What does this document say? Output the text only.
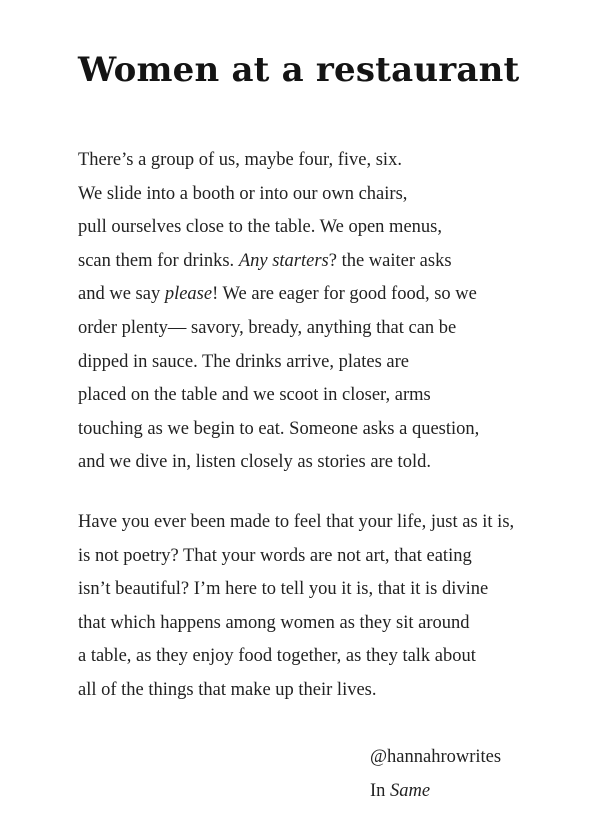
Women at a restaurant

There’s a group of us, maybe four, five, six.
We slide into a booth or into our own chairs,
pull ourselves close to the table. We open menus,
scan them for drinks. Any starters? the waiter asks
and we say please! We are eager for good food, so we
order plenty— savory, bready, anything that can be
dipped in sauce. The drinks arrive, plates are
placed on the table and we scoot in closer, arms
touching as we begin to eat. Someone asks a question,
and we dive in, listen closely as stories are told.

Have you ever been made to feel that your life, just as it is,
is not poetry? That your words are not art, that eating
isn’t beautiful? I’m here to tell you it is, that it is divine
that which happens among women as they sit around
a table, as they enjoy food together, as they talk about
all of the things that make up their lives.

@hannahrowrites
In Same
